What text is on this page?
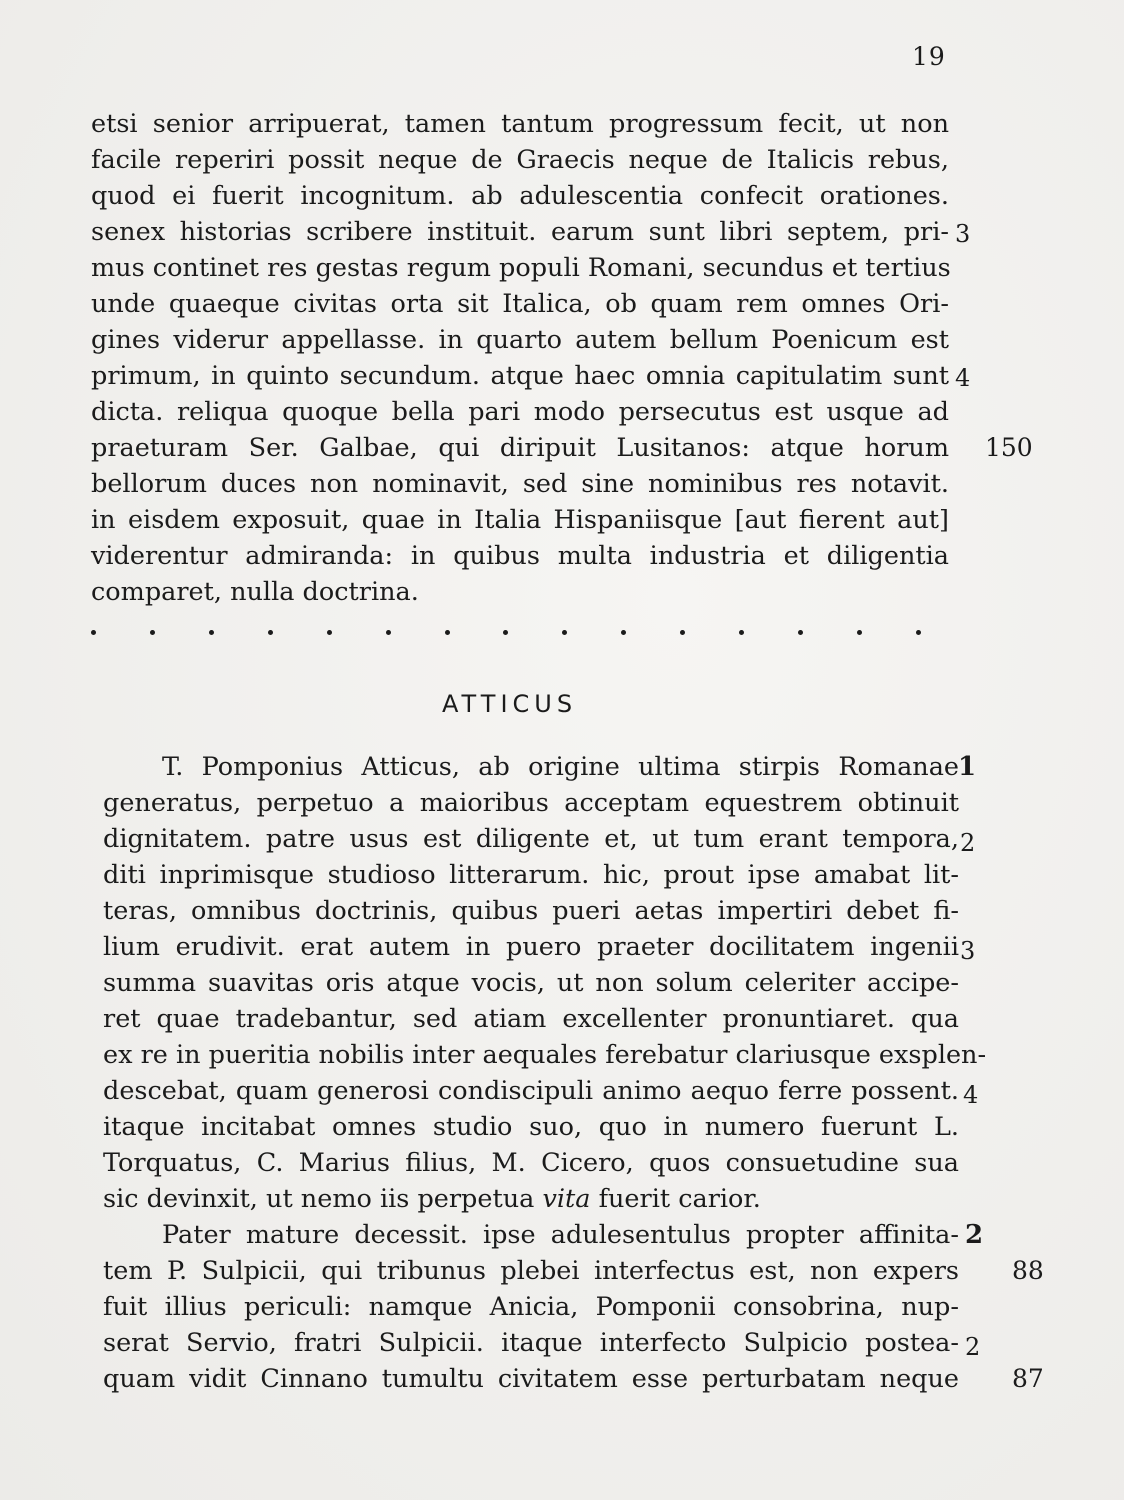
19
etsi senior arripuerat, tamen tantum progressum fecit, ut non
facile reperiri possit neque de Graecis neque de Italicis rebus,
quod ei fuerit incognitum. ab adulescentia confecit orationes.
senex historias scribere instituit. earum sunt libri septem, pri-
mus continet res gestas regum populi Romani, secundus et tertius
unde quaeque civitas orta sit Italica, ob quam rem omnes Ori-
gines viderur appellasse. in quarto autem bellum Poenicum est
primum, in quinto secundum. atque haec omnia capitulatim sunt
dicta. reliqua quoque bella pari modo persecutus est usque ad
praeturam Ser. Galbae, qui diripuit Lusitanos: atque horum
bellorum duces non nominavit, sed sine nominibus res notavit.
in eisdem exposuit, quae in Italia Hispaniisque [aut fierent aut]
viderentur admiranda: in quibus multa industria et diligentia
comparet, nulla doctrina.
3
4
150
ATTICUS
T. Pomponius Atticus, ab origine ultima stirpis Romanae
generatus, perpetuo a maioribus acceptam equestrem obtinuit
dignitatem. patre usus est diligente et, ut tum erant tempora,
diti inprimisque studioso litterarum. hic, prout ipse amabat lit-
teras, omnibus doctrinis, quibus pueri aetas impertiri debet fi-
lium erudivit. erat autem in puero praeter docilitatem ingenii
summa suavitas oris atque vocis, ut non solum celeriter accipe-
ret quae tradebantur, sed atiam excellenter pronuntiaret. qua
ex re in pueritia nobilis inter aequales ferebatur clariusque exsplen-
descebat, quam generosi condiscipuli animo aequo ferre possent.
itaque incitabat omnes studio suo, quo in numero fuerunt L.
Torquatus, C. Marius filius, M. Cicero, quos consuetudine sua
sic devinxit, ut nemo iis perpetua vita fuerit carior.
Pater mature decessit. ipse adulesentulus propter affinita-
tem P. Sulpicii, qui tribunus plebei interfectus est, non expers
fuit illius periculi: namque Anicia, Pomponii consobrina, nup-
serat Servio, fratri Sulpicii. itaque interfecto Sulpicio postea-
quam vidit Cinnano tumultu civitatem esse perturbatam neque
1
2
3
4
2
2
88
87
